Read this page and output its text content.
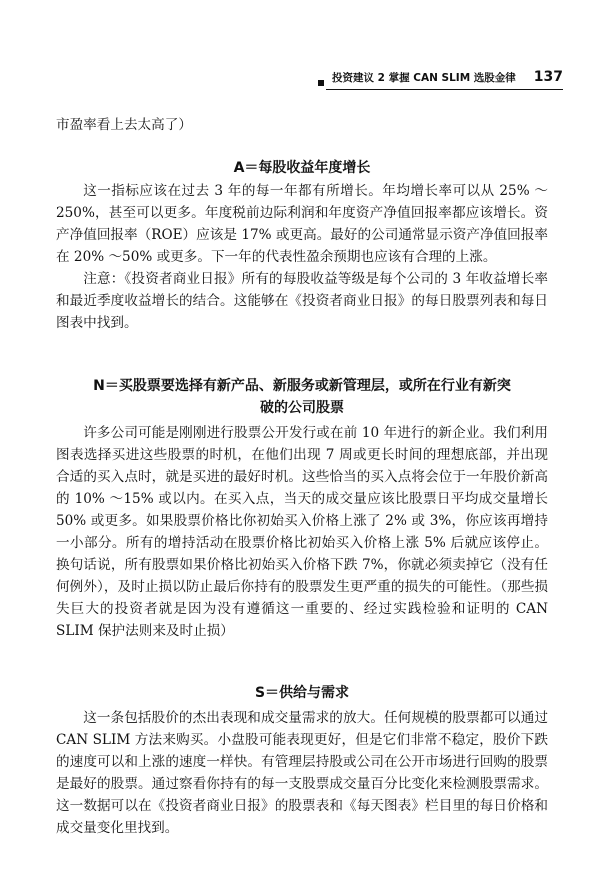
投资建议 2 掌握 CAN SLIM 选股金律 137

市盈率看上去太高了）

A＝每股收益年度增长

这一指标应该在过去 3 年的每一年都有所增长。年均增长率可以从 25% ～250%，甚至可以更多。年度税前边际利润和年度资产净值回报率都应该增长。资产净值回报率（ROE）应该是 17% 或更高。最好的公司通常显示资产净值回报率在 20% ～50% 或更多。下一年的代表性盈余预期也应该有合理的上涨。

注意：《投资者商业日报》所有的每股收益等级是每个公司的 3 年收益增长率和最近季度收益增长的结合。这能够在《投资者商业日报》的每日股票列表和每日图表中找到。

N＝买股票要选择有新产品、新服务或新管理层，或所在行业有新突
破的公司股票

许多公司可能是刚刚进行股票公开发行或在前 10 年进行的新企业。我们利用图表选择买进这些股票的时机，在他们出现 7 周或更长时间的理想底部，并出现合适的买入点时，就是买进的最好时机。这些恰当的买入点将会位于一年股价新高的 10% ～15% 或以内。在买入点，当天的成交量应该比股票日平均成交量增长 50% 或更多。如果股票价格比你初始买入价格上涨了 2% 或 3%，你应该再增持一小部分。所有的增持活动在股票价格比初始买入价格上涨 5% 后就应该停止。换句话说，所有股票如果价格比初始买入价格下跌 7%，你就必须卖掉它（没有任何例外），及时止损以防止最后你持有的股票发生更严重的损失的可能性。（那些损失巨大的投资者就是因为没有遵循这一重要的、经过实践检验和证明的 CAN SLIM 保护法则来及时止损）

S＝供给与需求

这一条包括股价的杰出表现和成交量需求的放大。任何规模的股票都可以通过 CAN SLIM 方法来购买。小盘股可能表现更好，但是它们非常不稳定，股价下跌的速度可以和上涨的速度一样快。有管理层持股或公司在公开市场进行回购的股票是最好的股票。通过察看你持有的每一支股票成交量百分比变化来检测股票需求。这一数据可以在《投资者商业日报》的股票表和《每天图表》栏目里的每日价格和成交量变化里找到。
